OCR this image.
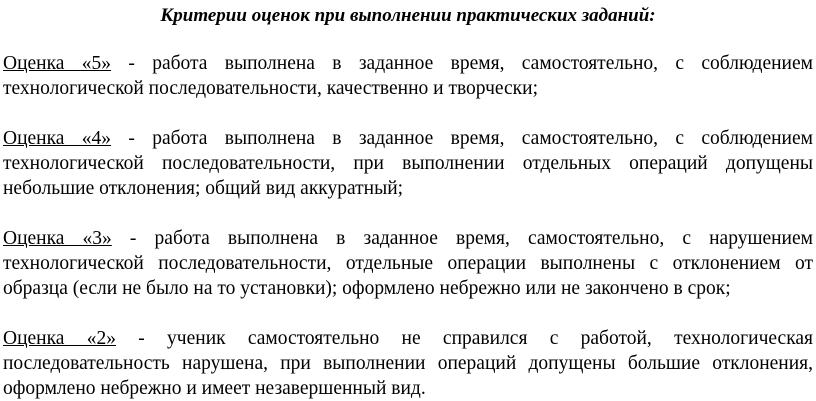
Критерии оценок при выполнении практических заданий:

Оценка «5» - работа выполнена в заданное время, самостоятельно, с соблюдением технологической последовательности, качественно и творчески;

Оценка «4» - работа выполнена в заданное время, самостоятельно, с соблюдением технологической последовательности, при выполнении отдельных операций допущены небольшие отклонения; общий вид аккуратный;

Оценка «3» - работа выполнена в заданное время, самостоятельно, с нарушением технологической последовательности, отдельные операции выполнены с отклонением от образца (если не было на то установки); оформлено небрежно или не закончено в срок;

Оценка «2» - ученик самостоятельно не справился с работой, технологическая последовательность нарушена, при выполнении операций допущены большие отклонения, оформлено небрежно и имеет незавершенный вид.
